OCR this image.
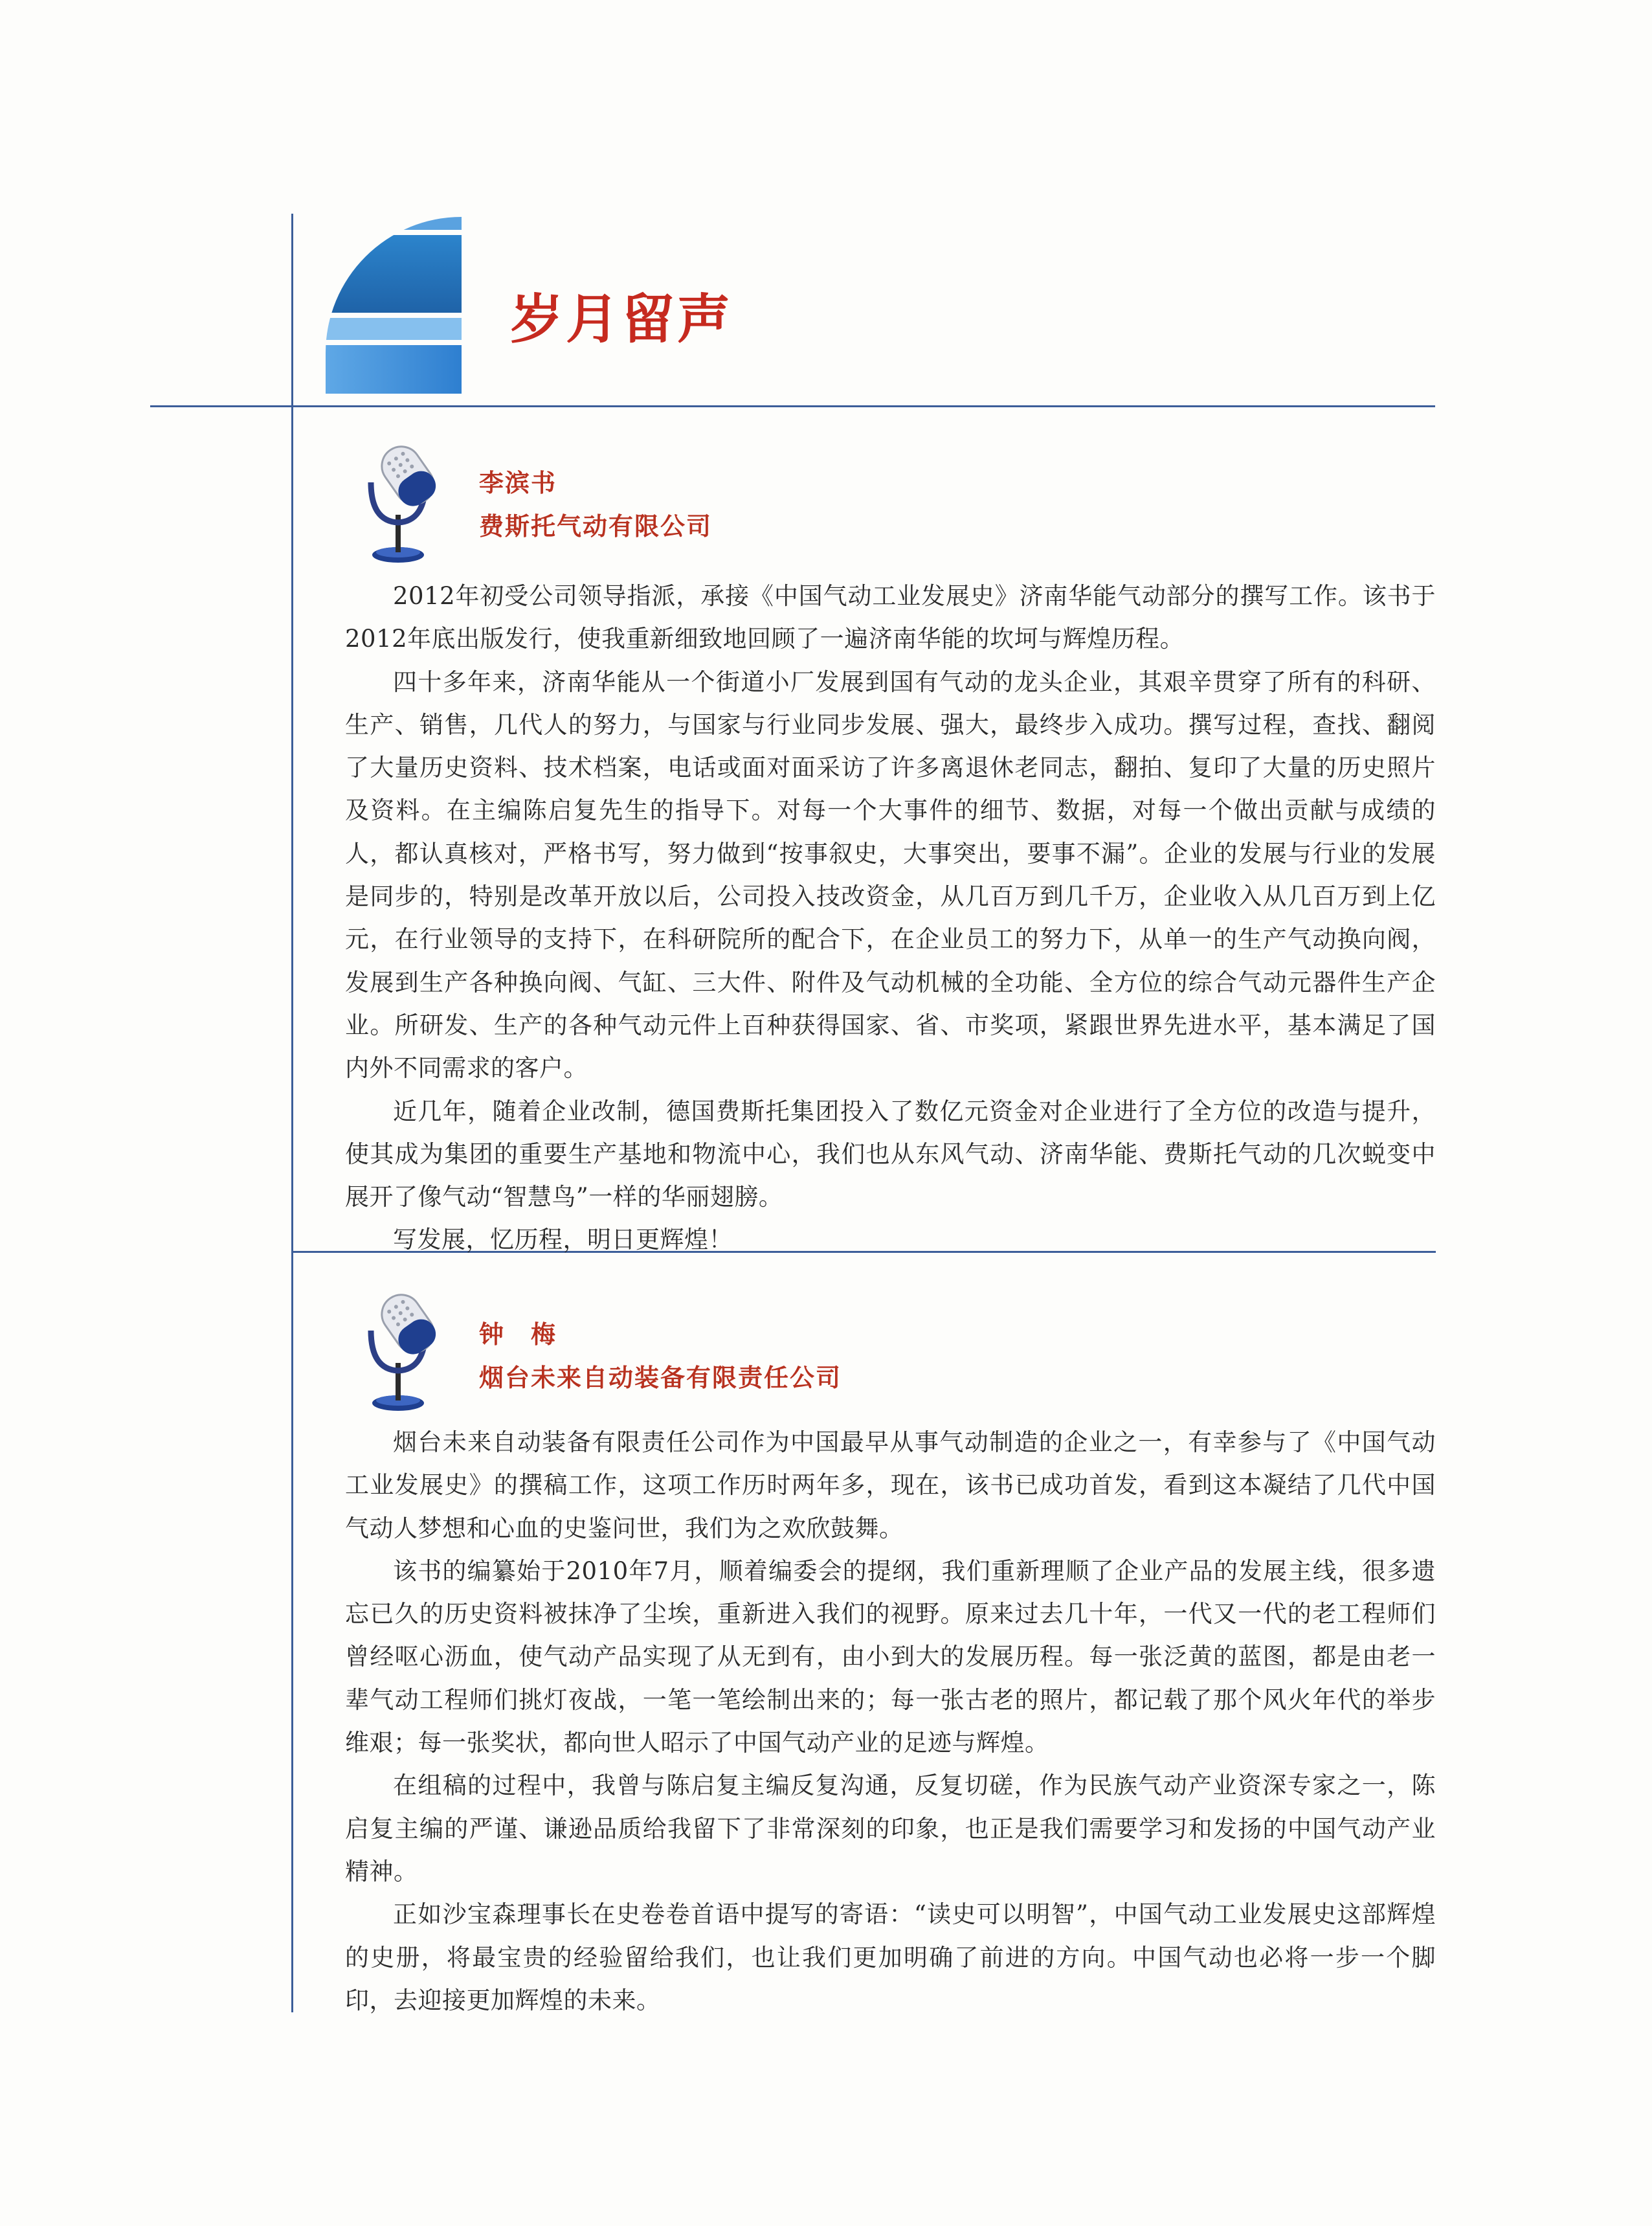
岁月留声
李滨书
费斯托气动有限公司

2012年初受公司领导指派，承接《中国气动工业发展史》济南华能气动部分的撰写工作。该书于2012年底出版发行，使我重新细致地回顾了一遍济南华能的坎坷与辉煌历程。

四十多年来，济南华能从一个街道小厂发展到国有气动的龙头企业，其艰辛贯穿了所有的科研、生产、销售，几代人的努力，与国家与行业同步发展、强大，最终步入成功。撰写过程，查找、翻阅了大量历史资料、技术档案，电话或面对面采访了许多离退休老同志，翻拍、复印了大量的历史照片及资料。在主编陈启复先生的指导下。对每一个大事件的细节、数据，对每一个做出贡献与成绩的人，都认真核对，严格书写，努力做到“按事叙史，大事突出，要事不漏”。企业的发展与行业的发展是同步的，特别是改革开放以后，公司投入技改资金，从几百万到几千万，企业收入从几百万到上亿元，在行业领导的支持下，在科研院所的配合下，在企业员工的努力下，从单一的生产气动换向阀，发展到生产各种换向阀、气缸、三大件、附件及气动机械的全功能、全方位的综合气动元器件生产企业。所研发、生产的各种气动元件上百种获得国家、省、市奖项，紧跟世界先进水平，基本满足了国内外不同需求的客户。

近几年，随着企业改制，德国费斯托集团投入了数亿元资金对企业进行了全方位的改造与提升，使其成为集团的重要生产基地和物流中心，我们也从东风气动、济南华能、费斯托气动的几次蜕变中展开了像气动“智慧鸟”一样的华丽翅膀。

写发展，忆历程，明日更辉煌！

钟　梅
烟台未来自动装备有限责任公司

烟台未来自动装备有限责任公司作为中国最早从事气动制造的企业之一，有幸参与了《中国气动工业发展史》的撰稿工作，这项工作历时两年多，现在，该书已成功首发，看到这本凝结了几代中国气动人梦想和心血的史鉴问世，我们为之欢欣鼓舞。

该书的编纂始于2010年7月，顺着编委会的提纲，我们重新理顺了企业产品的发展主线，很多遗忘已久的历史资料被抹净了尘埃，重新进入我们的视野。原来过去几十年，一代又一代的老工程师们曾经呕心沥血，使气动产品实现了从无到有，由小到大的发展历程。每一张泛黄的蓝图，都是由老一辈气动工程师们挑灯夜战，一笔一笔绘制出来的；每一张古老的照片，都记载了那个风火年代的举步维艰；每一张奖状，都向世人昭示了中国气动产业的足迹与辉煌。

在组稿的过程中，我曾与陈启复主编反复沟通，反复切磋，作为民族气动产业资深专家之一，陈启复主编的严谨、谦逊品质给我留下了非常深刻的印象，也正是我们需要学习和发扬的中国气动产业精神。

正如沙宝森理事长在史卷卷首语中提写的寄语：“读史可以明智”，中国气动工业发展史这部辉煌的史册，将最宝贵的经验留给我们，也让我们更加明确了前进的方向。中国气动也必将一步一个脚印，去迎接更加辉煌的未来。
